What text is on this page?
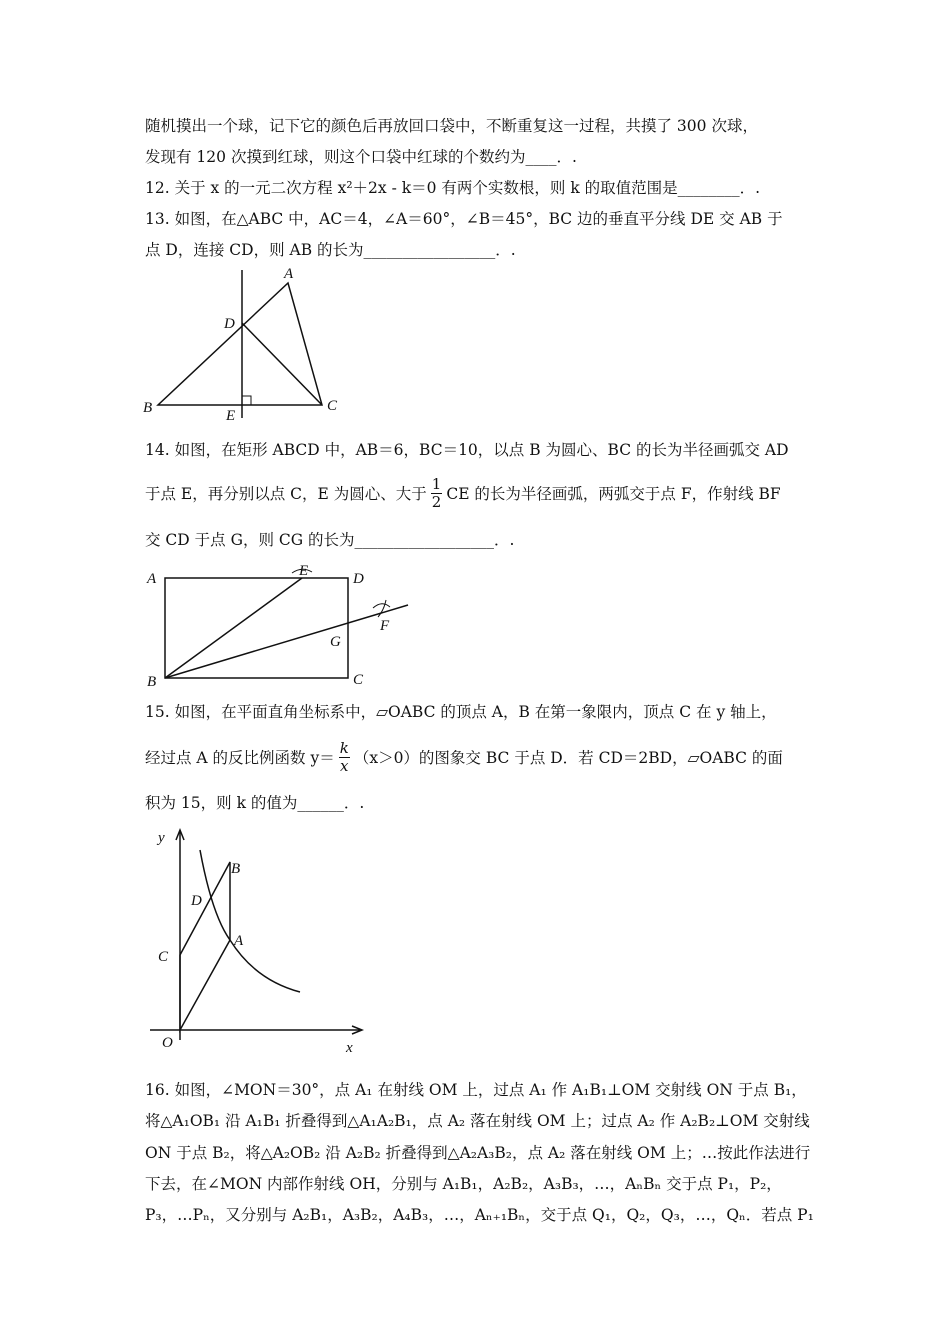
随机摸出一个球，记下它的颜色后再放回口袋中，不断重复这一过程，共摸了 300 次球，
发现有 120 次摸到红球，则这个口袋中红球的个数约为____．.
12. 关于 x 的一元二次方程 x²＋2x - k＝0 有两个实数根，则 k 的取值范围是________．.
13. 如图，在△ABC 中，AC＝4，∠A＝60°，∠B＝45°，BC 边的垂直平分线 DE 交 AB 于
点 D，连接 CD，则 AB 的长为_________________．.
A
B	C
D
E
A	D
B	C
E
F
G
y
x
O
A
B
C
D
14. 如图，在矩形 ABCD 中，AB＝6，BC＝10，以点 B 为圆心、BC 的长为半径画弧交 AD
于点 E，再分别以点 C，E 为圆心、大于 $\frac{1}{2}$ CE 的长为半径画弧，两弧交于点 F，作射线 BF
交 CD 于点 G，则 CG 的长为__________________．.
15. 如图，在平面直角坐标系中，▱OABC 的顶点 A，B 在第一象限内，顶点 C 在 y 轴上，
经过点 A 的反比例函数 $y= \frac{k}{x} (x>0)$的图象交 BC 于点 D．若 CD＝2BD，▱OABC 的面
积为 15，则 k 的值为______．.
16. 如图，∠MON＝30°，点 A₁ 在射线 OM 上，过点 A₁ 作 A₁B₁⊥OM 交射线 ON 于点 B₁，
将△A₁OB₁ 沿 A₁B₁ 折叠得到△A₁A₂B₁，点 A₂ 落在射线 OM 上；过点 A₂ 作 A₂B₂⊥OM 交射线
ON 于点 B₂，将△A₂OB₂ 沿 A₂B₂ 折叠得到△A₂A₃B₂，点 A₂ 落在射线 OM 上；…按此作法进行
下去，在∠MON 内部作射线 OH，分别与 A₁B₁，A₂B₂，A₃B₃，…，AₙBₙ 交于点 P₁，P₂，
P₃，…Pₙ，又分别与 A₂B₁，A₃B₂，A₄B₃，…，Aₙ₊₁Bₙ，交于点 Q₁，Q₂，Q₃，…，Qₙ．若点 P₁
